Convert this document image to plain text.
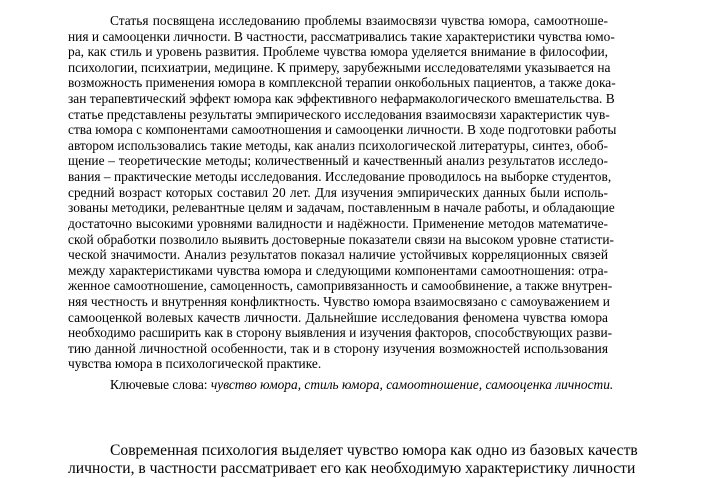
Статья посвящена исследованию проблемы взаимосвязи чувства юмора, самоотноше-
ния и самооценки личности. В частности, рассматривались такие характеристики чувства юмо-
ра, как стиль и уровень развития. Проблеме чувства юмора уделяется внимание в философии,
психологии, психиатрии, медицине. К примеру, зарубежными исследователями указывается на
возможность применения юмора в комплексной терапии онкобольных пациентов, а также дока-
зан терапевтический эффект юмора как эффективного нефармакологического вмешательства. В
статье представлены результаты эмпирического исследования взаимосвязи характеристик чув-
ства юмора с компонентами самоотношения и самооценки личности. В ходе подготовки работы
автором использовались такие методы, как анализ психологической литературы, синтез, обоб-
щение – теоретические методы; количественный и качественный анализ результатов исследо-
вания – практические методы исследования. Исследование проводилось на выборке студентов,
средний возраст которых составил 20 лет. Для изучения эмпирических данных были исполь-
зованы методики, релевантные целям и задачам, поставленным в начале работы, и обладающие
достаточно высокими уровнями валидности и надёжности. Применение методов математиче-
ской обработки позволило выявить достоверные показатели связи на высоком уровне статисти-
ческой значимости. Анализ результатов показал наличие устойчивых корреляционных связей
между характеристиками чувства юмора и следующими компонентами самоотношения: отра-
женное самоотношение, самоценность, самопривязанность и самообвинение, а также внутрен-
няя честность и внутренняя конфликтность. Чувство юмора взаимосвязано с самоуважением и
самооценкой волевых качеств личности. Дальнейшие исследования феномена чувства юмора
необходимо расширить как в сторону выявления и изучения факторов, способствующих разви-
тию данной личностной особенности, так и в сторону изучения возможностей использования
чувства юмора в психологической практике.
Ключевые слова: чувство юмора, стиль юмора, самоотношение, самооценка личности.
Современная психология выделяет чувство юмора как одно из базовых качеств
личности, в частности рассматривает его как необходимую характеристику личности
